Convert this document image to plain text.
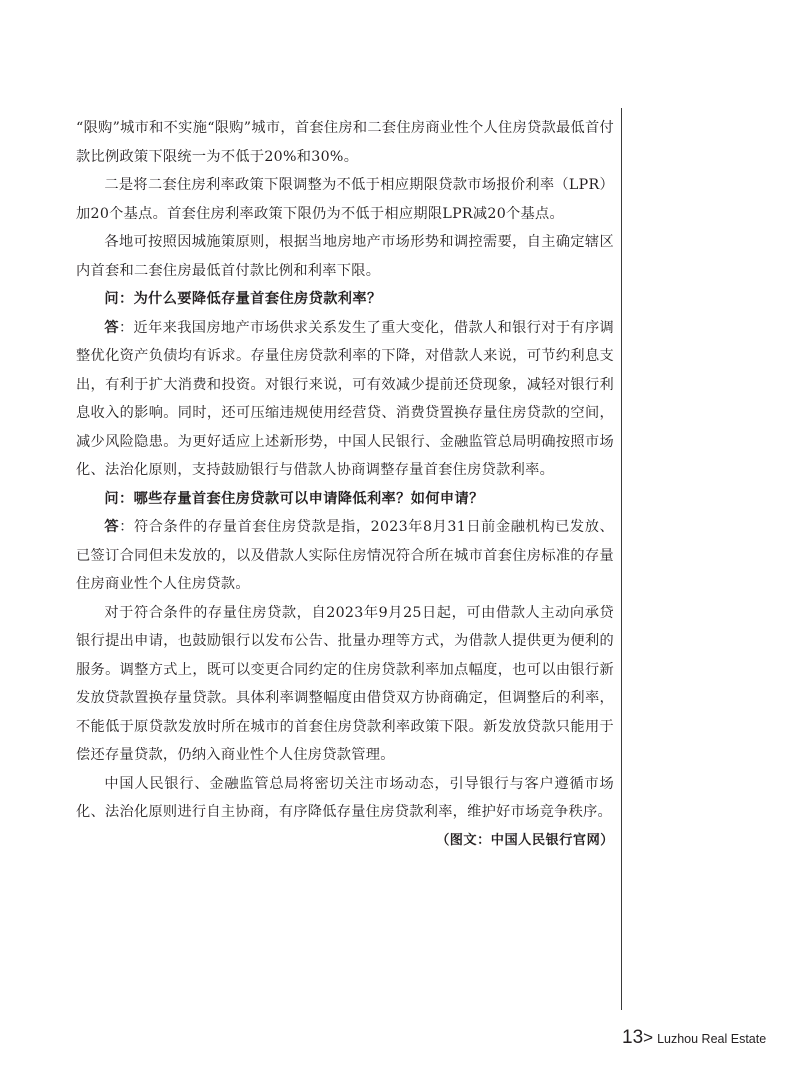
“限购”城市和不实施“限购”城市，首套住房和二套住房商业性个人住房贷款最低首付款比例政策下限统一为不低于20%和30%。

二是将二套住房利率政策下限调整为不低于相应期限贷款市场报价利率（LPR）加20个基点。首套住房利率政策下限仍为不低于相应期限LPR减20个基点。

各地可按照因城施策原则，根据当地房地产市场形势和调控需要，自主确定辖区内首套和二套住房最低首付款比例和利率下限。

问：为什么要降低存量首套住房贷款利率？

答：近年来我国房地产市场供求关系发生了重大变化，借款人和银行对于有序调整优化资产负债均有诉求。存量住房贷款利率的下降，对借款人来说，可节约利息支出，有利于扩大消费和投资。对银行来说，可有效减少提前还贷现象，减轻对银行利息收入的影响。同时，还可压缩违规使用经营贷、消费贷置换存量住房贷款的空间，减少风险隐患。为更好适应上述新形势，中国人民银行、金融监管总局明确按照市场化、法治化原则，支持鼓励银行与借款人协商调整存量首套住房贷款利率。

问：哪些存量首套住房贷款可以申请降低利率？如何申请？

答：符合条件的存量首套住房贷款是指，2023年8月31日前金融机构已发放、已签订合同但未发放的，以及借款人实际住房情况符合所在城市首套住房标准的存量住房商业性个人住房贷款。

对于符合条件的存量住房贷款，自2023年9月25日起，可由借款人主动向承贷银行提出申请，也鼓励银行以发布公告、批量办理等方式，为借款人提供更为便利的服务。调整方式上，既可以变更合同约定的住房贷款利率加点幅度，也可以由银行新发放贷款置换存量贷款。具体利率调整幅度由借贷双方协商确定，但调整后的利率，不能低于原贷款发放时所在城市的首套住房贷款利率政策下限。新发放贷款只能用于偿还存量贷款，仍纳入商业性个人住房贷款管理。

中国人民银行、金融监管总局将密切关注市场动态，引导银行与客户遵循市场化、法治化原则进行自主协商，有序降低存量住房贷款利率，维护好市场竞争秩序。

（图文：中国人民银行官网）

13 > Luzhou Real Estate
